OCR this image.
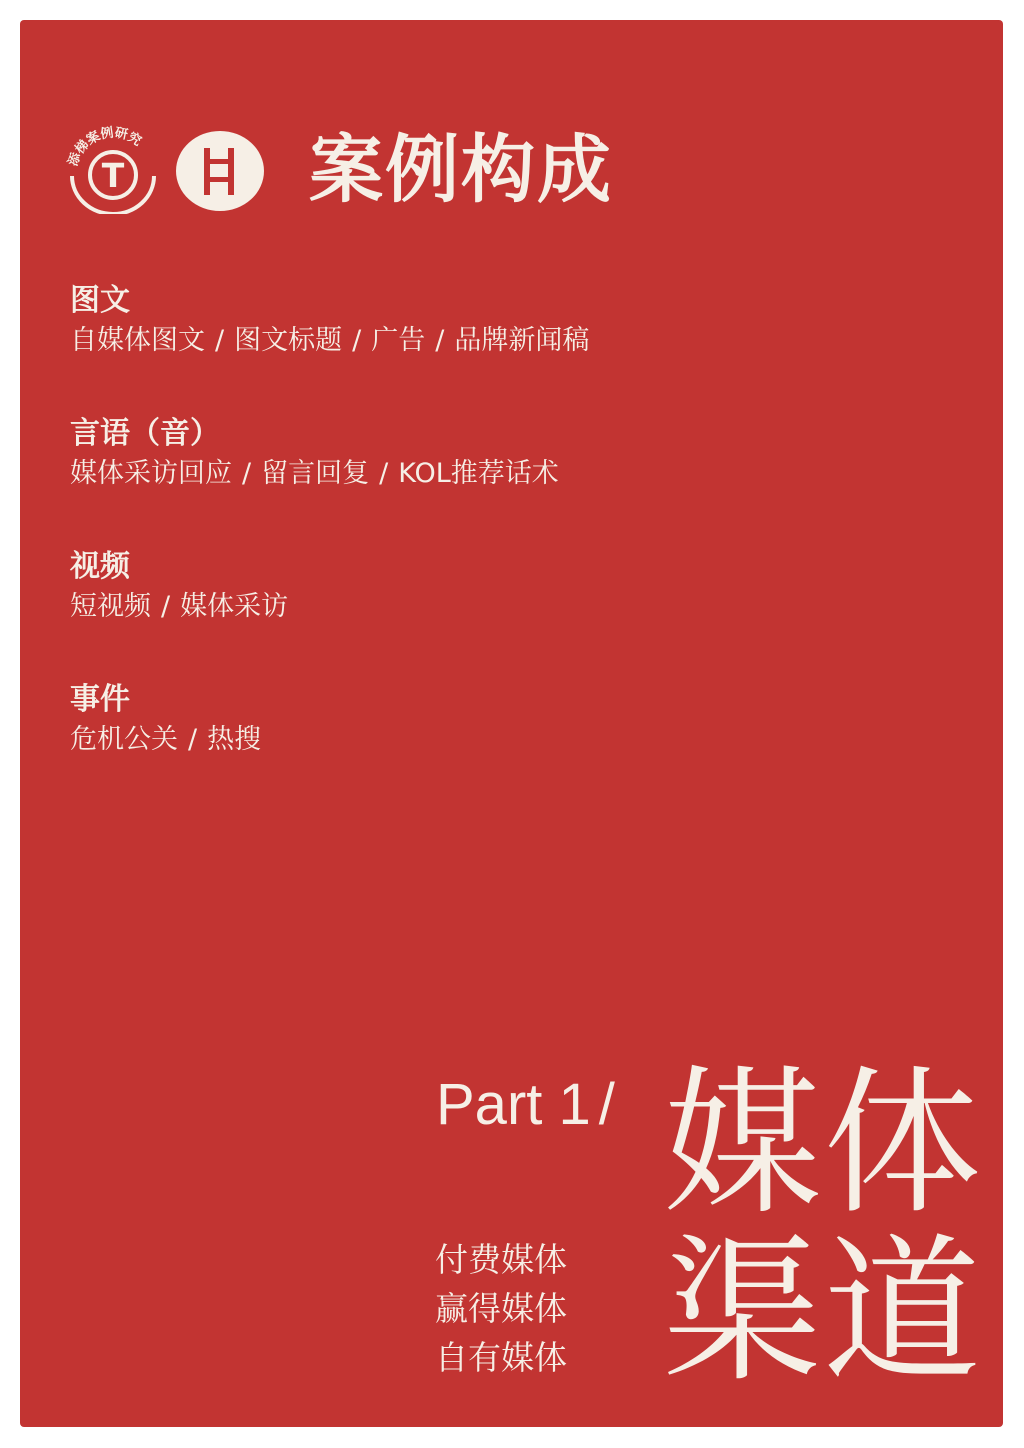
添梯案例研究
T 案例构成
图文
自媒体图文 / 图文标题 / 广告 / 品牌新闻稿
言语（音）
媒体采访回应 / 留言回复 / KOL推荐话术
视频
短视频 / 媒体采访
事件
危机公关 / 热搜
Part 1 / 媒体
渠道
付费媒体
赢得媒体
自有媒体
